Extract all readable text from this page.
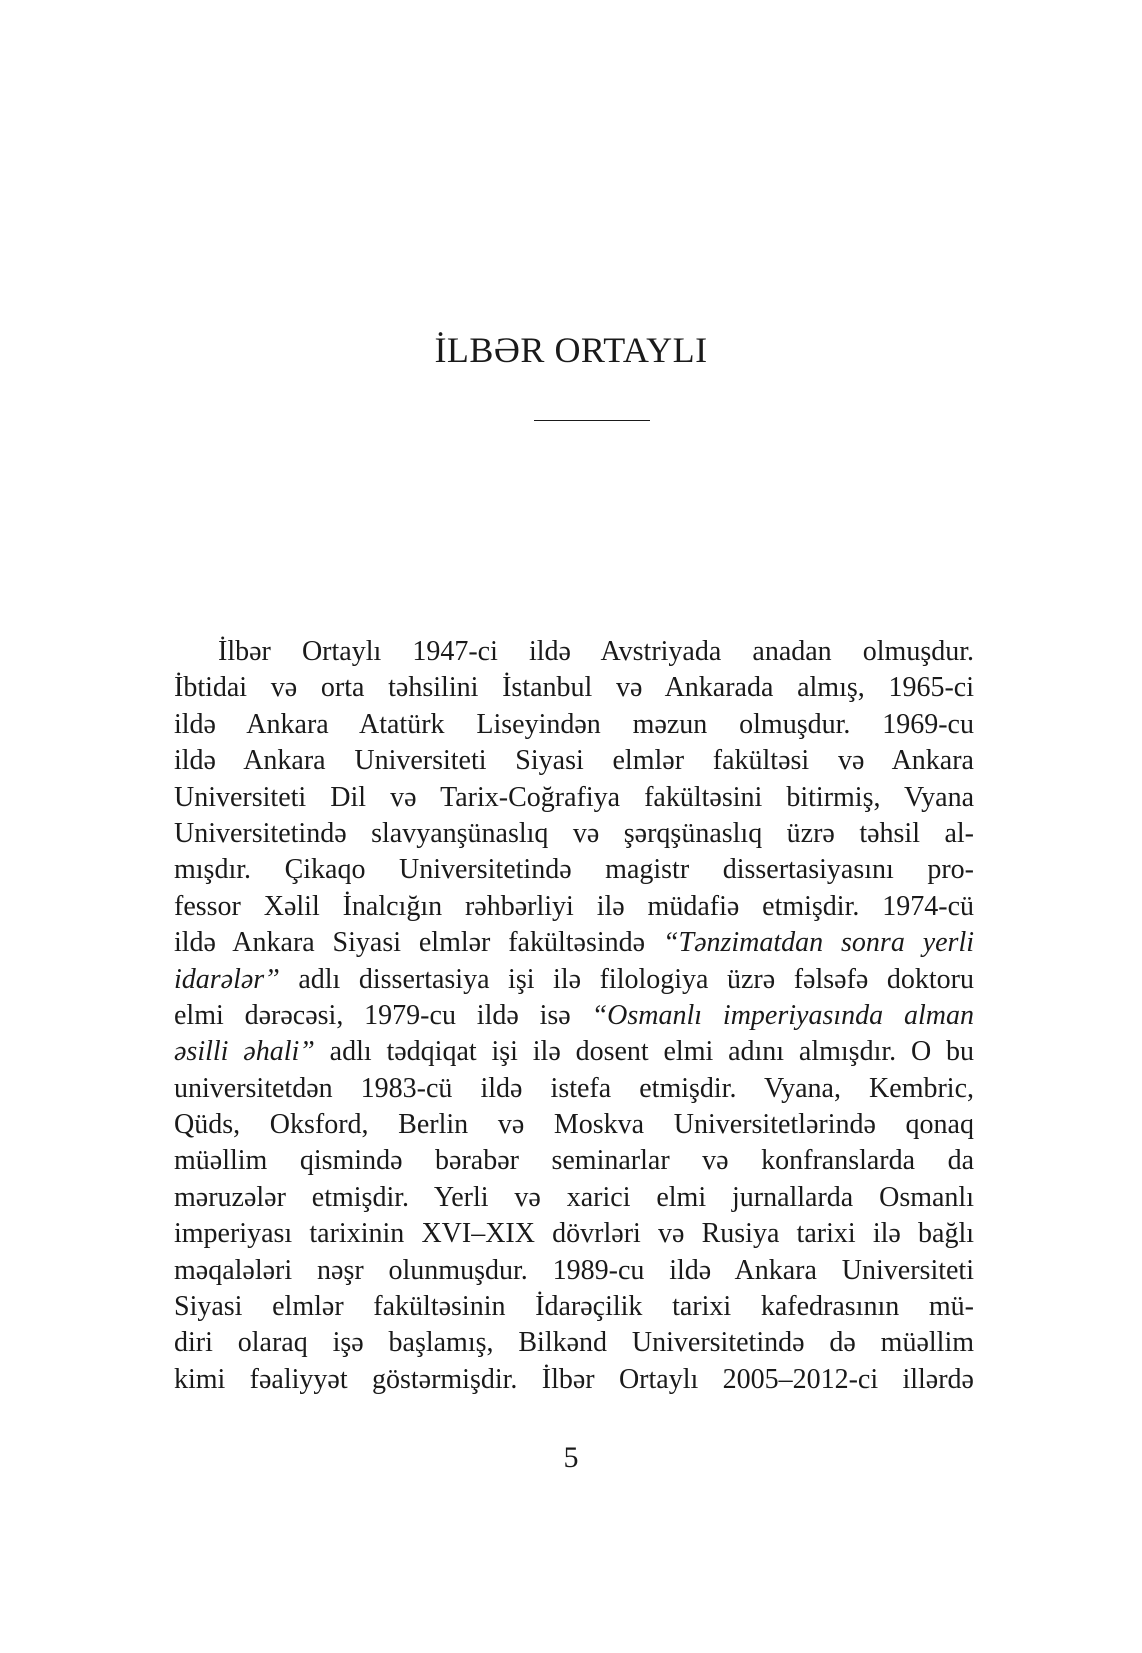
İLBƏR ORTAYLI
İlbər Ortaylı 1947-ci ildə Avstriyada anadan olmuşdur.
İbtidai və orta təhsilini İstanbul və Ankarada almış, 1965-ci
ildə Ankara Atatürk Liseyindən məzun olmuşdur. 1969-cu
ildə Ankara Universiteti Siyasi elmlər fakültəsi və Ankara
Universiteti Dil və Tarix-Coğrafiya fakültəsini bitirmiş, Vyana
Universitetində slavyanşünaslıq və şərqşünaslıq üzrə təhsil al-
mışdır. Çikaqo Universitetində magistr dissertasiyasını pro-
fessor Xəlil İnalcığın rəhbərliyi ilə müdafiə etmişdir. 1974-cü
ildə Ankara Siyasi elmlər fakültəsində “Tənzimatdan sonra yerli
idarələr” adlı dissertasiya işi ilə filologiya üzrə fəlsəfə doktoru
elmi dərəcəsi, 1979-cu ildə isə “Osmanlı imperiyasında alman
əsilli əhali” adlı tədqiqat işi ilə dosent elmi adını almışdır. O bu
universitetdən 1983-cü ildə istefa etmişdir. Vyana, Kembric,
Qüds, Oksford, Berlin və Moskva Universitetlərində qonaq
müəllim qismində bərabər seminarlar və konfranslarda da
məruzələr etmişdir. Yerli və xarici elmi jurnallarda Osmanlı
imperiyası tarixinin XVI–XIX dövrləri və Rusiya tarixi ilə bağlı
məqalələri nəşr olunmuşdur. 1989-cu ildə Ankara Universiteti
Siyasi elmlər fakültəsinin İdarəçilik tarixi kafedrasının mü-
diri olaraq işə başlamış, Bilkənd Universitetində də müəllim
kimi fəaliyyət göstərmişdir. İlbər Ortaylı 2005–2012-ci illərdə
5
